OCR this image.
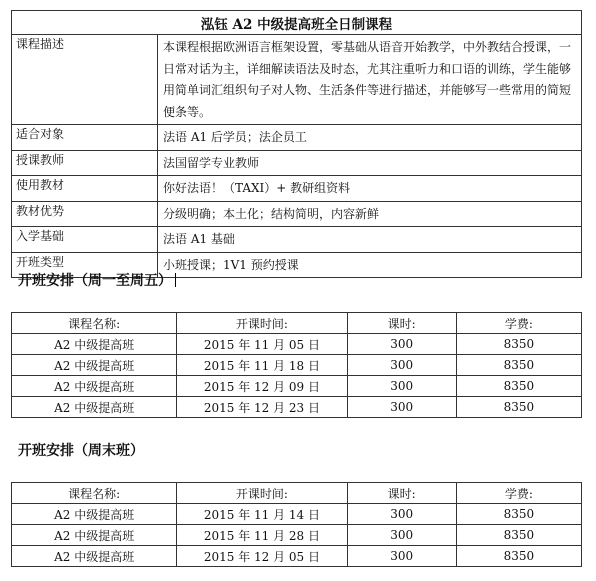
泓钰 A2 中级提高班全日制课程	
课程描述	本课程根据欧洲语言框架设置，零基础从语音开始教学，中外教结合授课，一日常对话为主，详细解读语法及时态，尤其注重听力和口语的训练，学生能够用简单词汇组织句子对人物、生活条件等进行描述，并能够写一些常用的简短便条等。
适合对象	法语 A1 后学员；法企员工
授课教师	法国留学专业教师
使用教材	你好法语！（TAXI）+ 教研组资料
教材优势	分级明确；本土化；结构简明，内容新鲜
入学基础	法语 A1 基础
开班类型	小班授课；1V1 预约授课
开班安排（周一至周五）
课程名称:	开课时间:	课时:	学费:
A2 中级提高班	2015 年 11 月 05 日	300	8350
A2 中级提高班	2015 年 11 月 18 日	300	8350
A2 中级提高班	2015 年 12 月 09 日	300	8350
A2 中级提高班	2015 年 12 月 23 日	300	8350
开班安排（周末班）
课程名称:	开课时间:	课时:	学费:
A2 中级提高班	2015 年 11 月 14 日	300	8350
A2 中级提高班	2015 年 11 月 28 日	300	8350
A2 中级提高班	2015 年 12 月 05 日	300	8350
